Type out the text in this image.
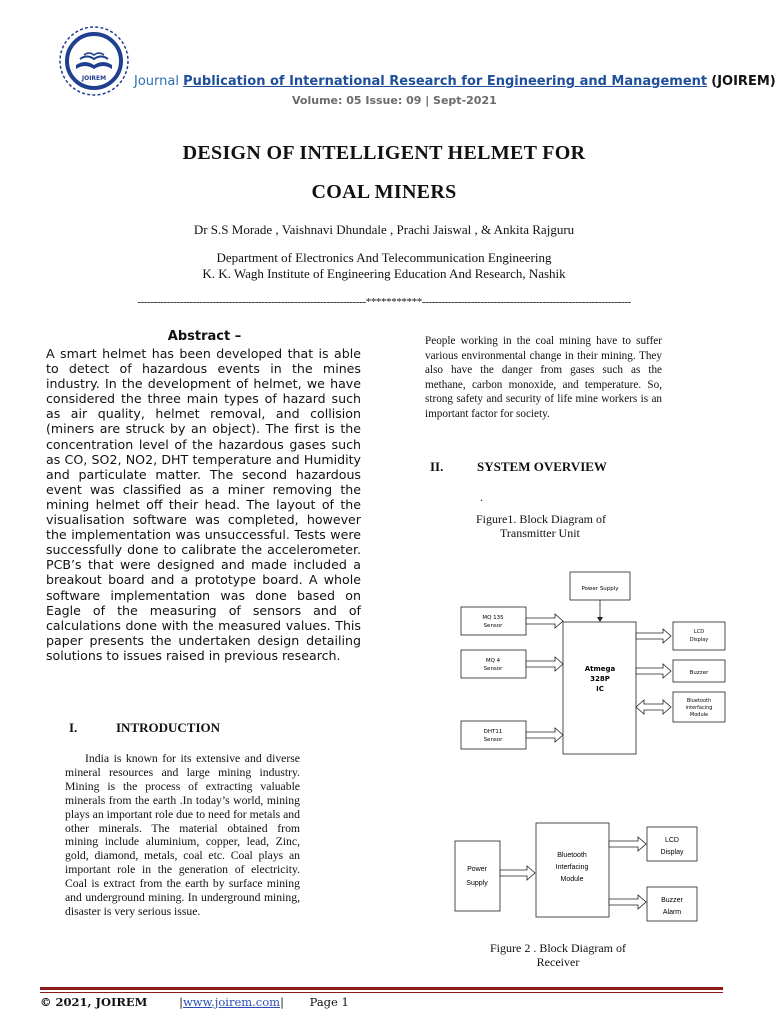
JOIREM Journal Publication of International Research for Engineering and Management (JOIREM)
Volume: 05 Issue: 09 | Sept-2021
DESIGN OF INTELLIGENT HELMET FOR
COAL MINERS
Dr S.S Morade , Vaishnavi Dhundale , Prachi Jaiswal , & Ankita Rajguru
Department of Electronics And Telecommunication Engineering
K. K. Wagh Institute of Engineering Education And Research, Nashik
----------------------------------------------------------------------***********----------------------------------------------------------------
Abstract –
A smart helmet has been developed that is able to detect of hazardous events in the mines industry. In the development of helmet, we have considered the three main types of hazard such as air quality, helmet removal, and collision (miners are struck by an object). The first is the concentration level of the hazardous gases such as CO, SO2, NO2, DHT temperature and Humidity and particulate matter. The second hazardous event was classified as a miner removing the mining helmet off their head. The layout of the visualisation software was completed, however the implementation was unsuccessful. Tests were successfully done to calibrate the accelerometer. PCB’s that were designed and made included a breakout board and a prototype board. A whole software implementation was done based on Eagle of the measuring of sensors and of calculations done with the measured values. This paper presents the undertaken design detailing solutions to issues raised in previous research.
I.	INTRODUCTION
India is known for its extensive and diverse mineral resources and large mining industry. Mining is the process of extracting valuable minerals from the earth .In today’s world, mining plays an important role due to need for metals and other minerals. The material obtained from mining include aluminium, copper, lead, Zinc, gold, diamond, metals, coal etc. Coal plays an important role in the generation of electricity. Coal is extract from the earth by surface mining and underground mining. In underground mining, disaster is very serious issue.
People working in the coal mining have to suffer various environmental change in their mining. They also have the danger from gases such as the methane, carbon monoxide, and temperature. So, strong safety and security of life mine workers is an important factor for society.
II.	SYSTEM OVERVIEW
.
Figure1. Block Diagram of
Transmitter Unit
Power Supply
Atmega
328P
IC
MQ 135
Sensor
MQ 4
Sensor
DHT11
Sensor
LCD
Display
Buzzer
Bluetooth
interfacing
Module
Power
Supply
Bluetooth
Interfacing
Module
LCD
Display
Buzzer
Alarm
Figure 2 . Block Diagram of
Receiver
© 2021, JOIREM	|www.joirem.com| Page 1
